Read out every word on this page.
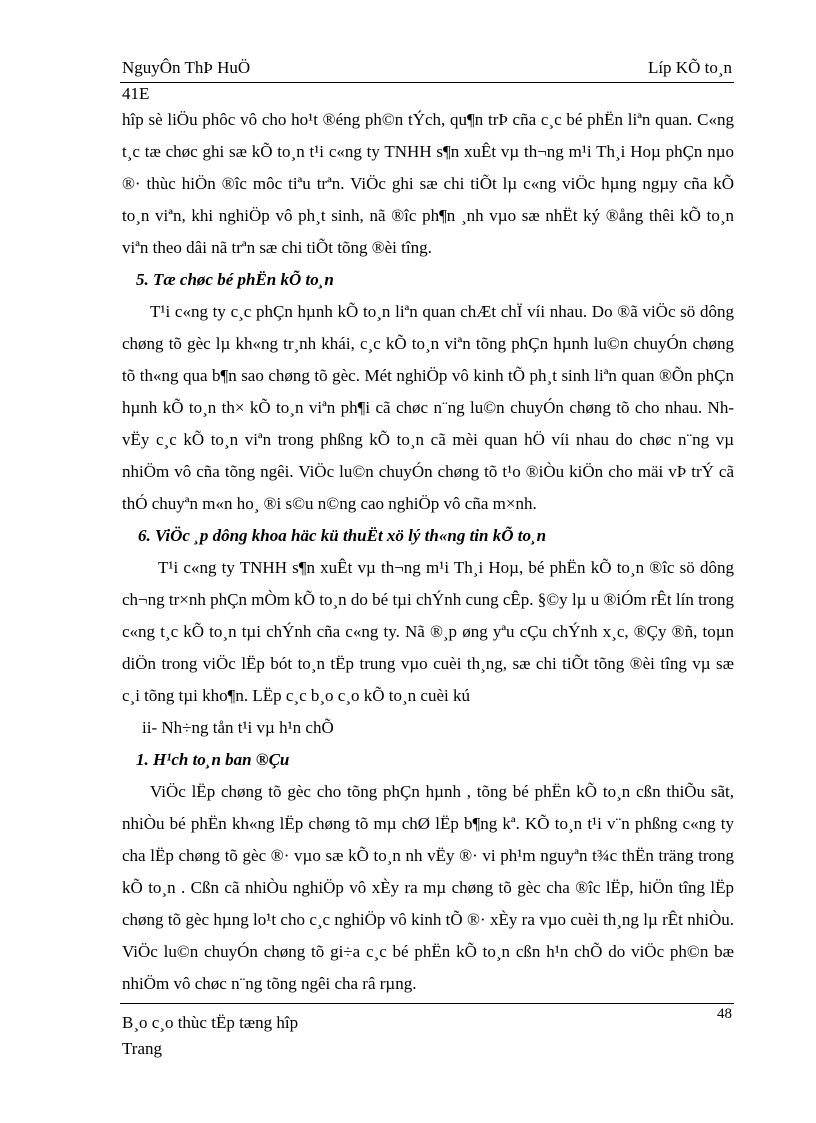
NguyÔn ThÞ HuÖ	Líp KÕ to¸n
41E

hîp sè liÖu phôc vô cho ho¹t ®éng ph©n tÝch, qu¶n trÞ cña c¸c bé phËn liªn quan. C«ng t¸c tæ chøc ghi sæ kÕ to¸n t¹i c«ng ty TNHH s¶n xuÊt vµ th¬ng m¹i Th¸i Hoµ phÇn nµo ®· thùc hiÖn ®îc môc tiªu trªn. ViÖc ghi sæ chi tiÕt lµ c«ng viÖc hµng ngµy cña kÕ to¸n viªn, khi nghiÖp vô ph¸t sinh, nã ®îc ph¶n ¸nh vµo sæ nhËt ký ®ång thêi kÕ to¸n viªn theo dâi nã trªn sæ chi tiÕt tõng ®èi tîng.

5. Tæ chøc bé phËn kÕ to¸n

T¹i c«ng ty c¸c phÇn hµnh kÕ to¸n liªn quan chÆt chÏ víi nhau. Do ®ã viÖc sö dông chøng tõ gèc lµ kh«ng tr¸nh khái, c¸c kÕ to¸n viªn tõng phÇn hµnh lu©n chuyÓn chøng tõ th«ng qua b¶n sao chøng tõ gèc. Mét nghiÖp vô kinh tÕ ph¸t sinh liªn quan ®Õn phÇn hµnh kÕ to¸n th× kÕ to¸n viªn ph¶i cã chøc n¨ng lu©n chuyÓn chøng tõ cho nhau. Nh vËy c¸c kÕ to¸n viªn trong phßng kÕ to¸n cã mèi quan hÖ víi nhau do chøc n¨ng vµ nhiÖm vô cña tõng ngêi. ViÖc lu©n chuyÓn chøng tõ t¹o ®iÒu kiÖn cho mäi vÞ trÝ cã thÓ chuyªn m«n ho¸ ®i s©u n©ng cao nghiÖp vô cña m×nh.

6. ViÖc ¸p dông khoa häc kü thuËt xö lý th«ng tin kÕ to¸n

T¹i c«ng ty TNHH s¶n xuÊt vµ th¬ng m¹i Th¸i Hoµ, bé phËn kÕ to¸n ®îc sö dông ch¬ng tr×nh phÇn mÒm kÕ to¸n do bé tµi chÝnh cung cÊp. §©y lµ u ®iÓm rÊt lín trong c«ng t¸c kÕ to¸n tµi chÝnh cña c«ng ty. Nã ®¸p øng yªu cÇu chÝnh x¸c, ®Çy ®ñ, toµn diÖn trong viÖc lËp bót to¸n tËp trung vµo cuèi th¸ng, sæ chi tiÕt tõng ®èi tîng vµ sæ c¸i tõng tµi kho¶n. LËp c¸c b¸o c¸o kÕ to¸n cuèi kú

ii- Nh÷ng tån t¹i vµ h¹n chÕ

1. H¹ch to¸n ban ®Çu

ViÖc lËp chøng tõ gèc cho tõng phÇn hµnh , tõng bé phËn kÕ to¸n cßn thiÕu sãt, nhiÒu bé phËn kh«ng lËp chøng tõ mµ chØ lËp b¶ng kª. KÕ to¸n t¹i v¨n phßng c«ng ty cha lËp chøng tõ gèc ®· vµo sæ kÕ to¸n nh vËy ®· vi ph¹m nguyªn t¾c thËn träng trong kÕ to¸n . Cßn cã nhiÒu nghiÖp vô xÈy ra mµ chøng tõ gèc cha ®îc lËp, hiÖn tîng lËp chøng tõ gèc hµng lo¹t cho c¸c nghiÖp vô kinh tÕ ®· xÈy ra vµo cuèi th¸ng lµ rÊt nhiÒu. ViÖc lu©n chuyÓn chøng tõ gi÷a c¸c bé phËn kÕ to¸n cßn h¹n chÕ do viÖc ph©n bæ nhiÖm vô chøc n¨ng tõng ngêi cha râ rµng.

B¸o c¸o thùc tËp tæng hîp
Trang
48
